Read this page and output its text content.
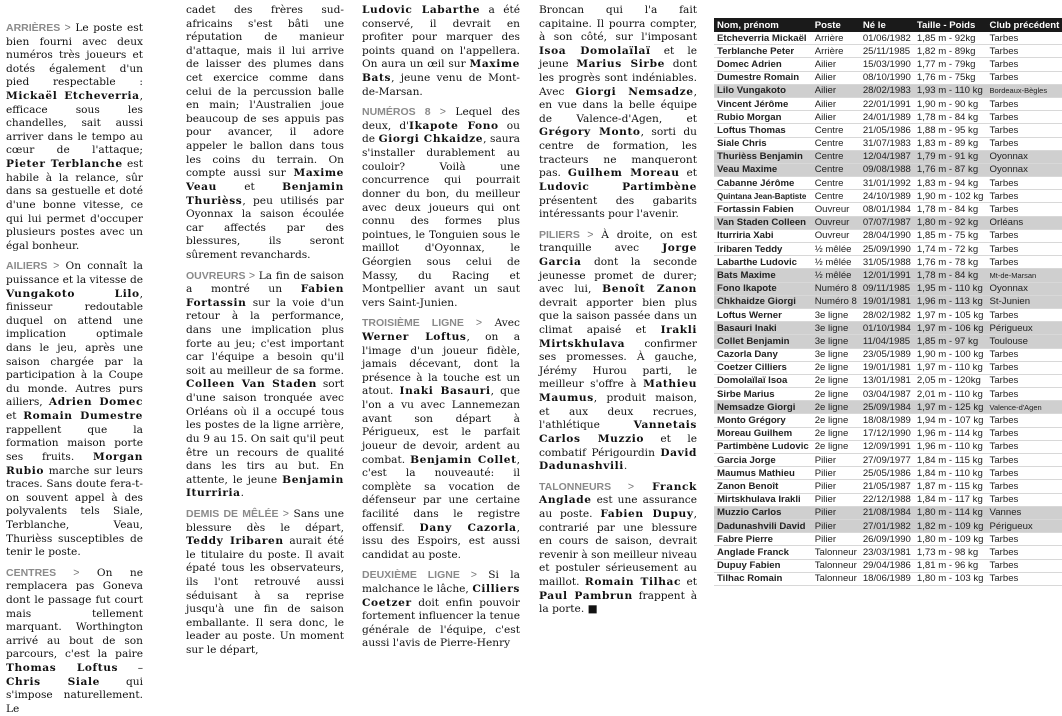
ARRIÈRES > Le poste est bien fourni avec deux numéros très joueurs et dotés également d'un pied respectable : Mickaël Etcheverria, efficace sous les chandelles, sait aussi arriver dans le tempo au cœur de l'attaque; Pieter Terblanche est habile à la relance, sûr dans sa gestuelle et doté d'une bonne vitesse, ce qui lui permet d'occuper plusieurs postes avec un égal bonheur.

AILIERS > On connaît la puissance et la vitesse de Vungakoto Lilo, finisseur redoutable duquel on attend une implication optimale dans le jeu, après une saison chargée par la participation à la Coupe du monde. Autres purs ailiers, Adrien Domec et Romain Dumestre rappellent que la formation maison porte ses fruits. Morgan Rubio marche sur leurs traces. Sans doute fera-t-on souvent appel à des polyvalents tels Siale, Terblanche, Veau, Thurièss susceptibles de tenir le poste.

CENTRES > On ne remplacera pas Goneva dont le passage fut court mais tellement marquant. Worthington arrivé au bout de son parcours, c'est la paire Thomas Loftus – Chris Siale qui s'impose naturellement. Le

cadet des frères sud-africains s'est bâti une réputation de manieur d'attaque, mais il lui arrive de laisser des plumes dans cet exercice comme dans celui de la percussion balle en main; l'Australien joue beaucoup de ses appuis pas pour avancer, il adore appeler le ballon dans tous les coins du terrain. On compte aussi sur Maxime Veau et Benjamin Thurièss, peu utilisés par Oyonnax la saison écoulée car affectés par des blessures, ils seront sûrement revanchards.

OUVREURS > La fin de saison a montré un Fabien Fortassin sur la voie d'un retour à la performance, dans une implication plus forte au jeu; c'est important car l'équipe a besoin qu'il soit au meilleur de sa forme. Colleen Van Staden sort d'une saison tronquée avec Orléans où il a occupé tous les postes de la ligne arrière, du 9 au 15. On sait qu'il peut être un recours de qualité dans les tirs au but. En attente, le jeune Benjamin Iturriria.

DEMIS DE MÊLÉE > Sans une blessure dès le départ, Teddy Iribaren aurait été le titulaire du poste. Il avait épaté tous les observateurs, ils l'ont retrouvé aussi séduisant à sa reprise jusqu'à une fin de saison emballante. Il sera donc, le leader au poste. Un moment sur le départ,

Ludovic Labarthe a été conservé, il devrait en profiter pour marquer des points quand on l'appellera. On aura un œil sur Maxime Bats, jeune venu de Mont-de-Marsan.

NUMÉROS 8 > Lequel des deux, d'Ikapote Fono ou de Giorgi Chkaidze, saura s'installer durablement au couloir? Voilà une concurrence qui pourrait donner du bon, du meilleur avec deux joueurs qui ont connu des formes plus pointues, le Tonguien sous le maillot d'Oyonnax, le Géorgien sous celui de Massy, du Racing et Montpellier avant un saut vers Saint-Junien.

TROISIÈME LIGNE > Avec Werner Loftus, on a l'image d'un joueur fidèle, jamais décevant, dont la présence à la touche est un atout. Inaki Basauri, que l'on a vu avec Lannemezan avant son départ à Périgueux, est le parfait joueur de devoir, ardent au combat. Benjamin Collet, c'est la nouveauté: il complète sa vocation de défenseur par une certaine facilité dans le registre offensif. Dany Cazorla, issu des Espoirs, est aussi candidat au poste.

DEUXIÈME LIGNE > Si la malchance le lâche, Cilliers Coetzer doit enfin pouvoir fortement influencer la tenue générale de l'équipe, c'est aussi l'avis de Pierre-Henry

Broncan qui l'a fait capitaine. Il pourra compter, à son côté, sur l'imposant Isoa Domolaïlaï et le jeune Marius Sirbe dont les progrès sont indéniables. Avec Giorgi Nemsadze, en vue dans la belle équipe de Valence-d'Agen, et Grégory Monto, sorti du centre de formation, les tracteurs ne manqueront pas. Guilhem Moreau et Ludovic Partimbène présentent des gabarits intéressants pour l'avenir.

PILIERS > À droite, on est tranquille avec Jorge Garcia dont la seconde jeunesse promet de durer; avec lui, Benoît Zanon devrait apporter bien plus que la saison passée dans un climat apaisé et Irakli Mirtskhulava confirmer ses promesses. À gauche, Jérémy Hurou parti, le meilleur s'offre à Mathieu Maumus, produit maison, et aux deux recrues, l'athlétique Vannetais Carlos Muzzio et le combatif Périgourdin David Dadunashvili.

TALONNEURS > Franck Anglade est une assurance au poste. Fabien Dupuy, contrarié par une blessure en cours de saison, devrait revenir à son meilleur niveau et postuler sérieusement au maillot. Romain Tilhac et Paul Pambrun frappent à la porte. ■

Nom, prénom	Poste	Né le	Taille - Poids	Club précédent
Etcheverria Mickaël	Arrière	01/06/1982	1,85 m - 92kg	Tarbes
Terblanche Peter	Arrière	25/11/1985	1,82 m - 89kg	Tarbes
Domec Adrien	Ailier	15/03/1990	1,77 m - 79kg	Tarbes
Dumestre Romain	Ailier	08/10/1990	1,76 m - 75kg	Tarbes
Lilo Vungakoto	Ailier	28/02/1983	1,93 m - 110 kg	Bordeaux-Bègles
Vincent Jérôme	Ailier	22/01/1991	1,90 m - 90 kg	Tarbes
Rubio Morgan	Ailier	24/01/1989	1,78 m - 84 kg	Tarbes
Loftus Thomas	Centre	21/05/1986	1,88 m - 95 kg	Tarbes
Siale Chris	Centre	31/07/1983	1,83 m - 89 kg	Tarbes
Thurièss Benjamin	Centre	12/04/1987	1,79 m - 91 kg	Oyonnax
Veau Maxime	Centre	09/08/1988	1,76 m - 87 kg	Oyonnax
Cabanne Jérôme	Centre	31/01/1992	1,83 m - 94 kg	Tarbes
Quintana Jean-Baptiste	Centre	24/10/1989	1,90 m - 102 kg	Tarbes
Fortassin Fabien	Ouvreur	08/01/1984	1,78 m - 84 kg	Tarbes
Van Staden Colleen	Ouvreur	07/07/1987	1,80 m - 92 kg	Orléans
Iturriria Xabi	Ouvreur	28/04/1990	1,85 m - 75 kg	Tarbes
Iribaren Teddy	½ mêlée	25/09/1990	1,74 m - 72 kg	Tarbes
Labarthe Ludovic	½ mêlée	31/05/1988	1,76 m - 78 kg	Tarbes
Bats Maxime	½ mêlée	12/01/1991	1,78 m - 84 kg	Mt-de-Marsan
Fono Ikapote	Numéro 8	09/11/1985	1,95 m - 110 kg	Oyonnax
Chkhaidze Giorgi	Numéro 8	19/01/1981	1,96 m - 113 kg	St-Junien
Loftus Werner	3e ligne	28/02/1982	1,97 m - 105 kg	Tarbes
Basauri Inaki	3e ligne	01/10/1984	1,97 m - 106 kg	Périgueux
Collet Benjamin	3e ligne	11/04/1985	1,85 m - 97 kg	Toulouse
Cazorla Dany	3e ligne	23/05/1989	1,90 m - 100 kg	Tarbes
Coetzer Cilliers	2e ligne	19/01/1981	1,97 m - 110 kg	Tarbes
Domolaïlaï Isoa	2e ligne	13/01/1981	2,05 m - 120kg	Tarbes
Sirbe Marius	2e ligne	03/04/1987	2,01 m - 110 kg	Tarbes
Nemsadze Giorgi	2e ligne	25/09/1984	1,97 m - 125 kg	Valence-d'Agen
Monto Grégory	2e ligne	18/08/1989	1,94 m - 107 kg	Tarbes
Moreau Guilhem	2e ligne	17/12/1990	1,96 m - 114 kg	Tarbes
Partimbène Ludovic	2e ligne	12/09/1991	1,96 m - 110 kg	Tarbes
Garcia Jorge	Pilier	27/09/1977	1,84 m - 115 kg	Tarbes
Maumus Mathieu	Pilier	25/05/1986	1,84 m - 110 kg	Tarbes
Zanon Benoît	Pilier	21/05/1987	1,87 m - 115 kg	Tarbes
Mirtskhulava Irakli	Pilier	22/12/1988	1,84 m - 117 kg	Tarbes
Muzzio Carlos	Pilier	21/08/1984	1,80 m - 114 kg	Vannes
Dadunashvili David	Pilier	27/01/1982	1,82 m - 109 kg	Périgueux
Fabre Pierre	Pilier	26/09/1990	1,80 m - 109 kg	Tarbes
Anglade Franck	Talonneur	23/03/1981	1,73 m - 98 kg	Tarbes
Dupuy Fabien	Talonneur	29/04/1986	1,81 m - 96 kg	Tarbes
Tilhac Romain	Talonneur	18/06/1989	1,80 m - 103 kg	Tarbes
